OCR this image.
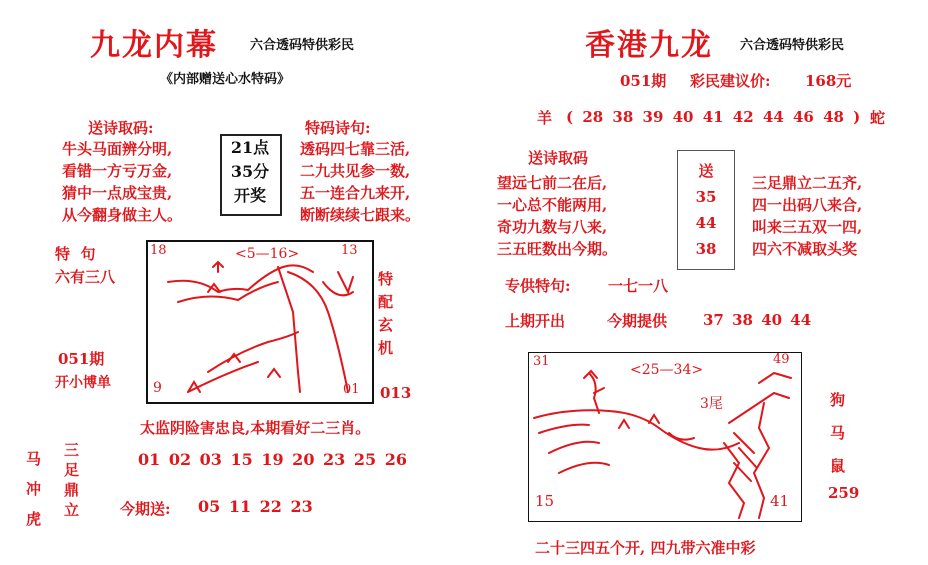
九龙内幕 六合透码特供彩民
《内部赠送心水特码》
送诗取码:
牛头马面辨分明,
看错一方亏万金,
猜中一点成宝贵,
从今翻身做主人。
21点
35分
开奖
特码诗句:
透码四七靠三活,
二九共见参一数,
五一连合九来开,
断断续续七跟来。
特  句
六有三八
051期
开小博单
18	13
9	01
<5—16>
特
配
玄
机
013
太监阴险害忠良,本期看好二三肖。
01 02 03 15 19 20 23 25 26
马
冲
虎
三
足
鼎
立	今期送: 05 11 22 23
香港九龙 六合透码特供彩民
051期 彩民建议价: 168元
羊 ( 28 38 39 40 41 42 44 46 48 ) 蛇
送诗取码
望远七前二在后,
一心总不能两用,
奇功九数与八来,
三五旺数出今期。
送
35
44
38
三足鼎立二五齐,
四一出码八来合,
叫来三五双一四,
四六不减取头奖
专供特句: 一七一八
上期开出	今期提供 37 38 40 44
31	49
15	41
<25—34>
3尾	狗
马
鼠
259
二十三四五个开, 四九带六准中彩
